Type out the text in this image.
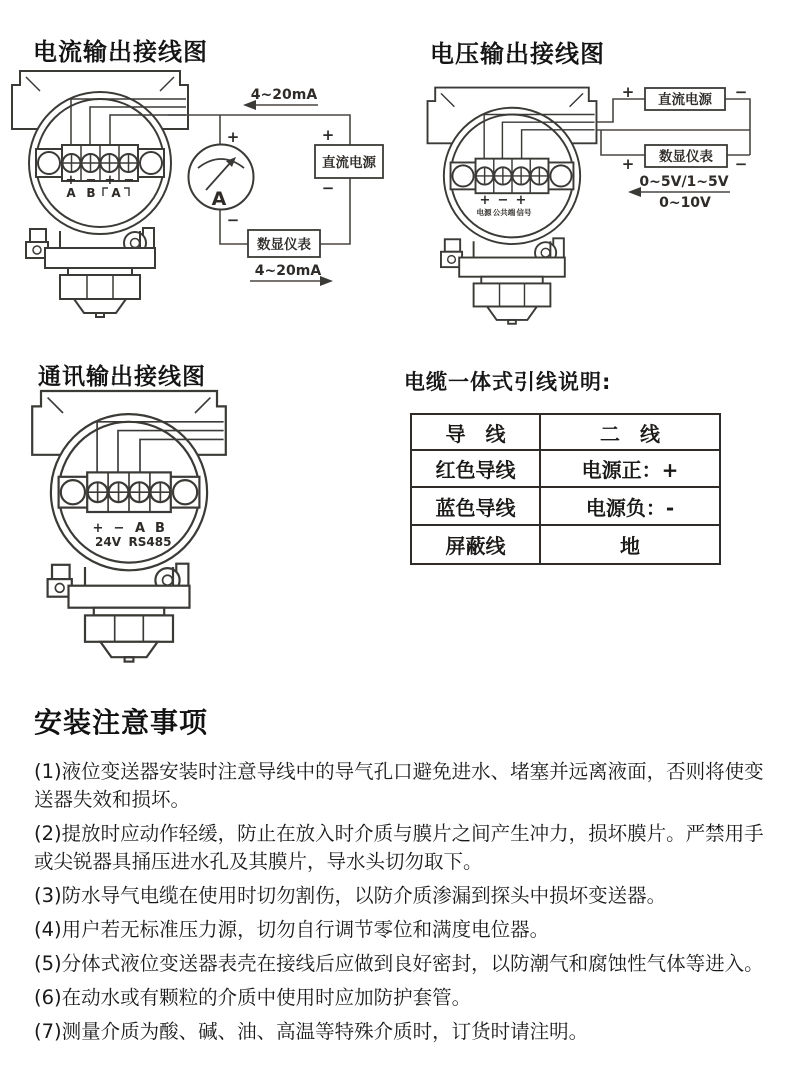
电流输出接线图
4~20mA
4~20mA
A
+
−
直流电源
+
−
数显仪表
+ − + −
A B A
电压输出接线图
直流电源
+	−
数显仪表
+	−
0~5V/1~5V
0~10V
+ − +
电源 公共端 信号
通讯输出接线图
+ − A B
24V RS485
电缆一体式引线说明:
导　线	二　线
红色导线	电源正：+
蓝色导线	电源负：-
屏蔽线	地
安装注意事项

(1)液位变送器安装时注意导线中的导气孔口避免进水、堵塞并远离液面，否则将使变送器失效和损坏。

(2)提放时应动作轻缓，防止在放入时介质与膜片之间产生冲力，损坏膜片。严禁用手或尖锐器具捅压进水孔及其膜片，导水头切勿取下。

(3)防水导气电缆在使用时切勿割伤，以防介质渗漏到探头中损坏变送器。

(4)用户若无标准压力源，切勿自行调节零位和满度电位器。

(5)分体式液位变送器表壳在接线后应做到良好密封，以防潮气和腐蚀性气体等进入。

(6)在动水或有颗粒的介质中使用时应加防护套管。

(7)测量介质为酸、碱、油、高温等特殊介质时，订货时请注明。
